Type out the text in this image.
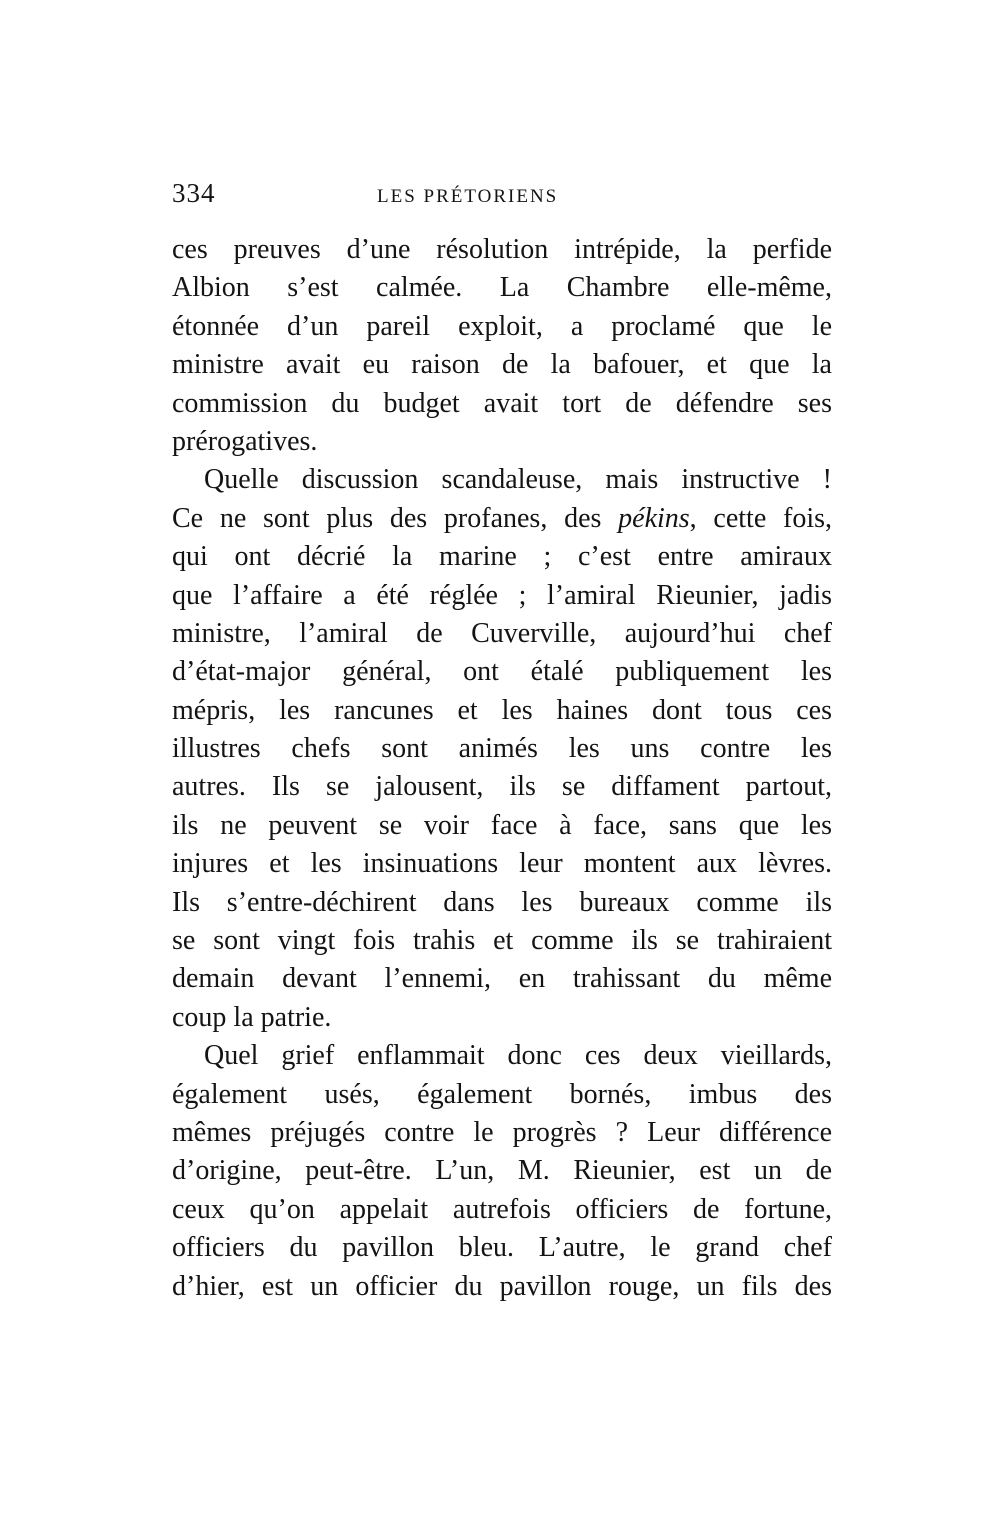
334	LES PRÉTORIENS
ces preuves d’une résolution intrépide, la perfide
Albion s’est calmée. La Chambre elle-même,
étonnée d’un pareil exploit, a proclamé que le
ministre avait eu raison de la bafouer, et que la
commission du budget avait tort de défendre ses
prérogatives.
Quelle discussion scandaleuse, mais instructive !
Ce ne sont plus des profanes, des pékins, cette fois,
qui ont décrié la marine ; c’est entre amiraux
que l’affaire a été réglée ; l’amiral Rieunier, jadis
ministre, l’amiral de Cuverville, aujourd’hui chef
d’état-major général, ont étalé publiquement les
mépris, les rancunes et les haines dont tous ces
illustres chefs sont animés les uns contre les
autres. Ils se jalousent, ils se diffament partout,
ils ne peuvent se voir face à face, sans que les
injures et les insinuations leur montent aux lèvres.
Ils s’entre-déchirent dans les bureaux comme ils
se sont vingt fois trahis et comme ils se trahiraient
demain devant l’ennemi, en trahissant du même
coup la patrie.
Quel grief enflammait donc ces deux vieillards,
également usés, également bornés, imbus des
mêmes préjugés contre le progrès ? Leur différence
d’origine, peut-être. L’un, M. Rieunier, est un de
ceux qu’on appelait autrefois officiers de fortune,
officiers du pavillon bleu. L’autre, le grand chef
d’hier, est un officier du pavillon rouge, un fils des
